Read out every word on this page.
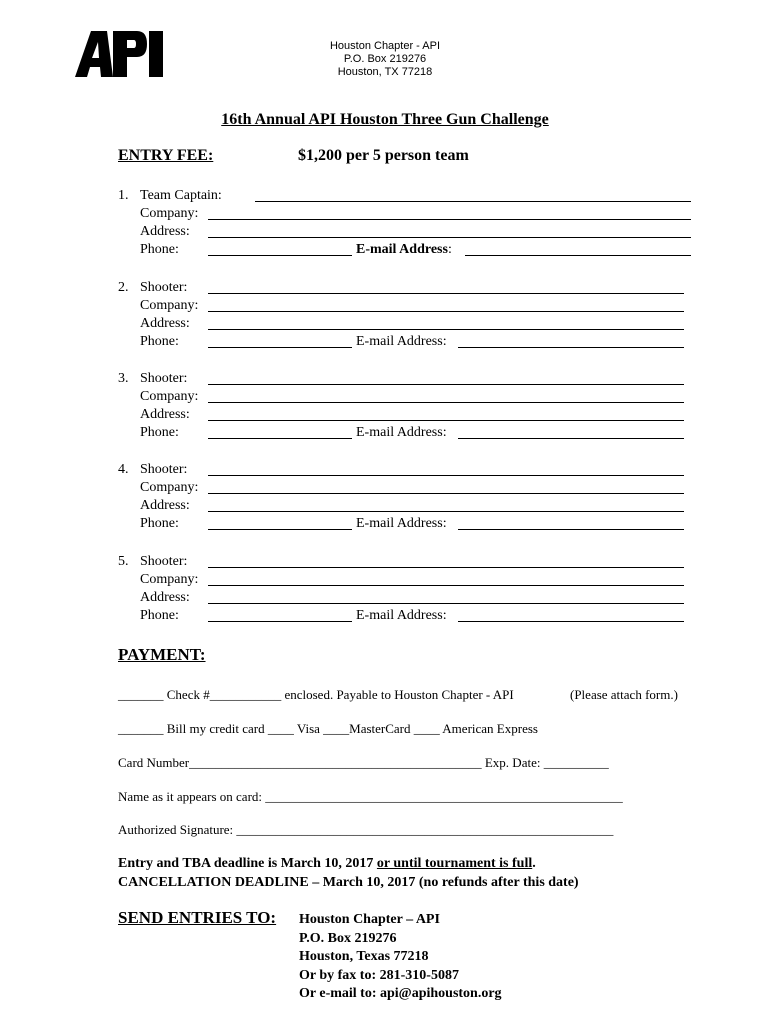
Houston Chapter - API
P.O. Box 219276
Houston, TX 77218
16th Annual API Houston Three Gun Challenge
ENTRY FEE:	$1,200 per 5 person team
1. Team Captain:
Company:
Address:
Phone:	E-mail Address:
2. Shooter:
Company:
Address:
Phone:	E-mail Address:
3. Shooter:
Company:
Address:
Phone:	E-mail Address:
4. Shooter:
Company:
Address:
Phone:	E-mail Address:
5. Shooter:
Company:
Address:
Phone:	E-mail Address:
PAYMENT:
_______ Check #___________ enclosed. Payable to Houston Chapter - API	(Please attach form.)
_______ Bill my credit card ____ Visa ____MasterCard ____ American Express
Card Number_____________________________________________ Exp. Date: __________
Name as it appears on card: _______________________________________________________
Authorized Signature: __________________________________________________________
Entry and TBA deadline is March 10, 2017 or until tournament is full.
CANCELLATION DEADLINE – March 10, 2017 (no refunds after this date)
SEND ENTRIES TO: Houston Chapter – API
P.O. Box 219276
Houston, Texas 77218
Or by fax to: 281-310-5087
Or e-mail to: api@apihouston.org
